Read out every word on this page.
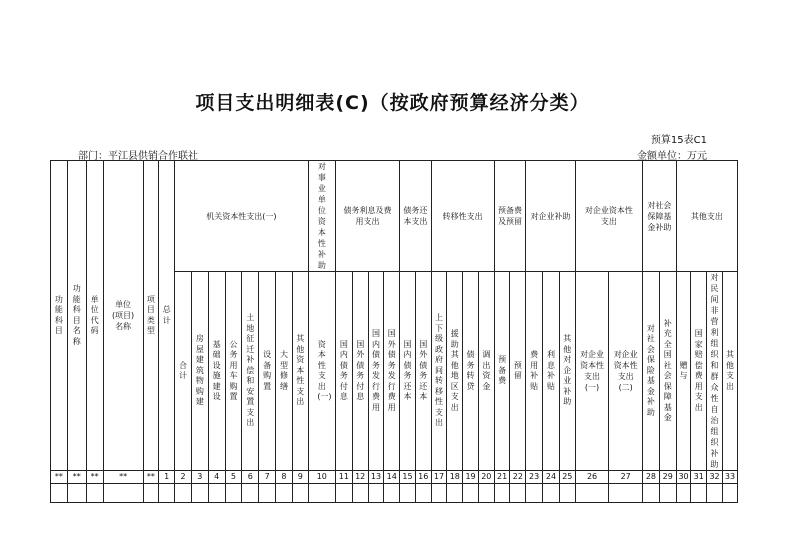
项目支出明细表(C)（按政府预算经济分类）
预算15表C1
部门：平江县供销合作联社	金额单位：万元
功能科目	功能科目名称	单位代码	单位(项目)名称	项目类型	总计	机关资本性支出(一)								对事业单位资本性补助	债务利息及费用支出				债务还本支出		转移性支出				预备费及预留		对企业补助			对企业资本性支出		对社会保障基金补助		其他支出			
						合计	房屋建筑物购建	基础设施建设	公务用车购置	土地征迁补偿和安置支出	设备购置	大型修缮	其他资本性支出	资本性支出(一)	国内债务付息	国外债务付息	国内债务发行费用	国外债务发行费用	国内债务还本	国外债务还本	上下级政府间转移性支出	援助其他地区支出	债务转贷	调出资金	预备费	预留	费用补贴	利息补贴	其他对企业补助	对企业资本性支出(一)	对企业资本性支出(二)	对社会保险基金补助	补充全国社会保障基金	赠与	国家赔偿费用支出	对民间非营利组织和群众性自治组织补助	其他支出
**	**	**	**	**	1	2	3	4	5	6	7	8	9	10	11	12	13	14	15	16	17	18	19	20	21	22	23	24	25	26	27	28	29	30	31	32	33
